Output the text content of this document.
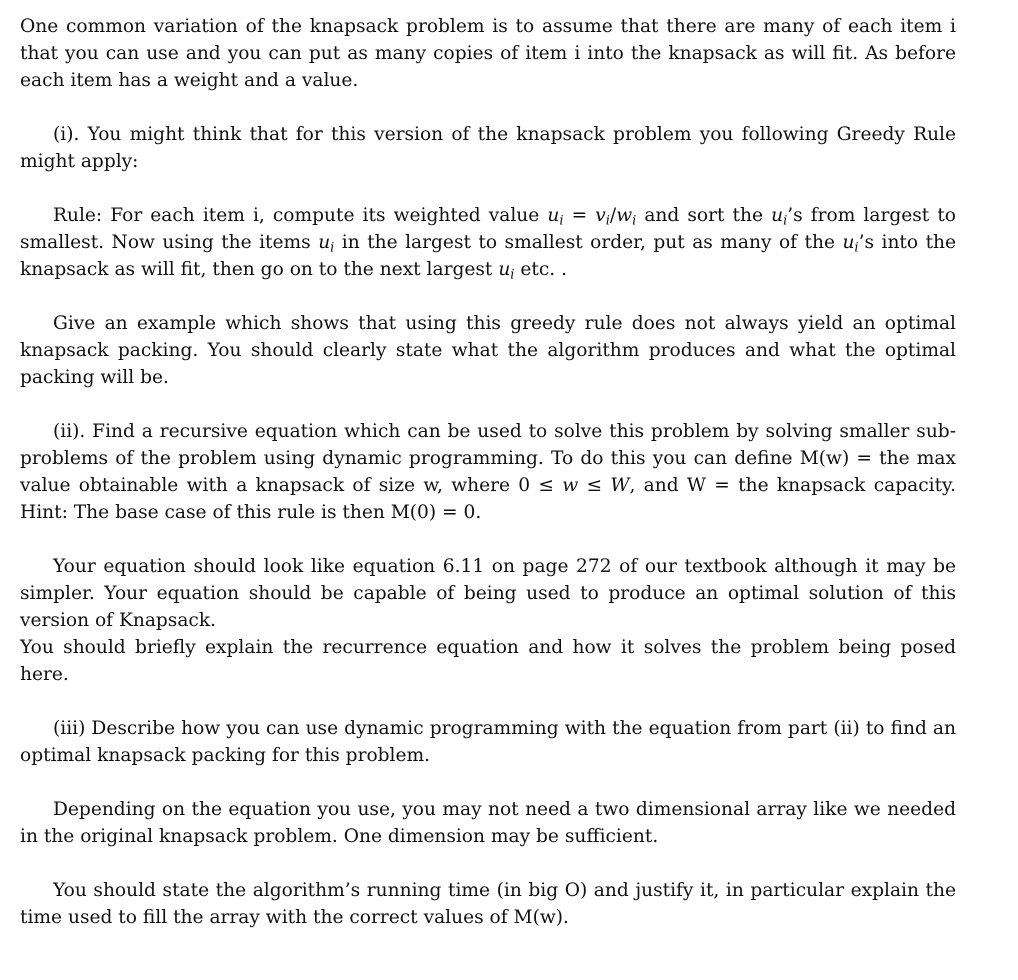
One common variation of the knapsack problem is to assume that there are many of each item i that you can use and you can put as many copies of item i into the knapsack as will fit. As before each item has a weight and a value.

(i). You might think that for this version of the knapsack problem you following Greedy Rule might apply:

Rule: For each item i, compute its weighted value $u_i = v_i/w_i$ and sort the $u_i’s$ from largest to smallest. Now using the items $u_i$ in the largest to smallest order, put as many of the $u_i’s$ into the knapsack as will fit, then go on to the next largest $u_i$ etc. .

Give an example which shows that using this greedy rule does not always yield an optimal knapsack packing. You should clearly state what the algorithm produces and what the optimal packing will be.

(ii). Find a recursive equation which can be used to solve this problem by solving smaller sub-problems of the problem using dynamic programming. To do this you can define M(w) = the max value obtainable with a knapsack of size w, where 0 ≤ w ≤ W, and W = the knapsack capacity. Hint: The base case of this rule is then M(0) = 0.

Your equation should look like equation 6.11 on page 272 of our textbook although it may be simpler. Your equation should be capable of being used to produce an optimal solution of this version of Knapsack.

You should briefly explain the recurrence equation and how it solves the problem being posed here.

(iii) Describe how you can use dynamic programming with the equation from part (ii) to find an optimal knapsack packing for this problem.

Depending on the equation you use, you may not need a two dimensional array like we needed in the original knapsack problem. One dimension may be sufficient.

You should state the algorithm’s running time (in big O) and justify it, in particular explain the time used to fill the array with the correct values of M(w).
